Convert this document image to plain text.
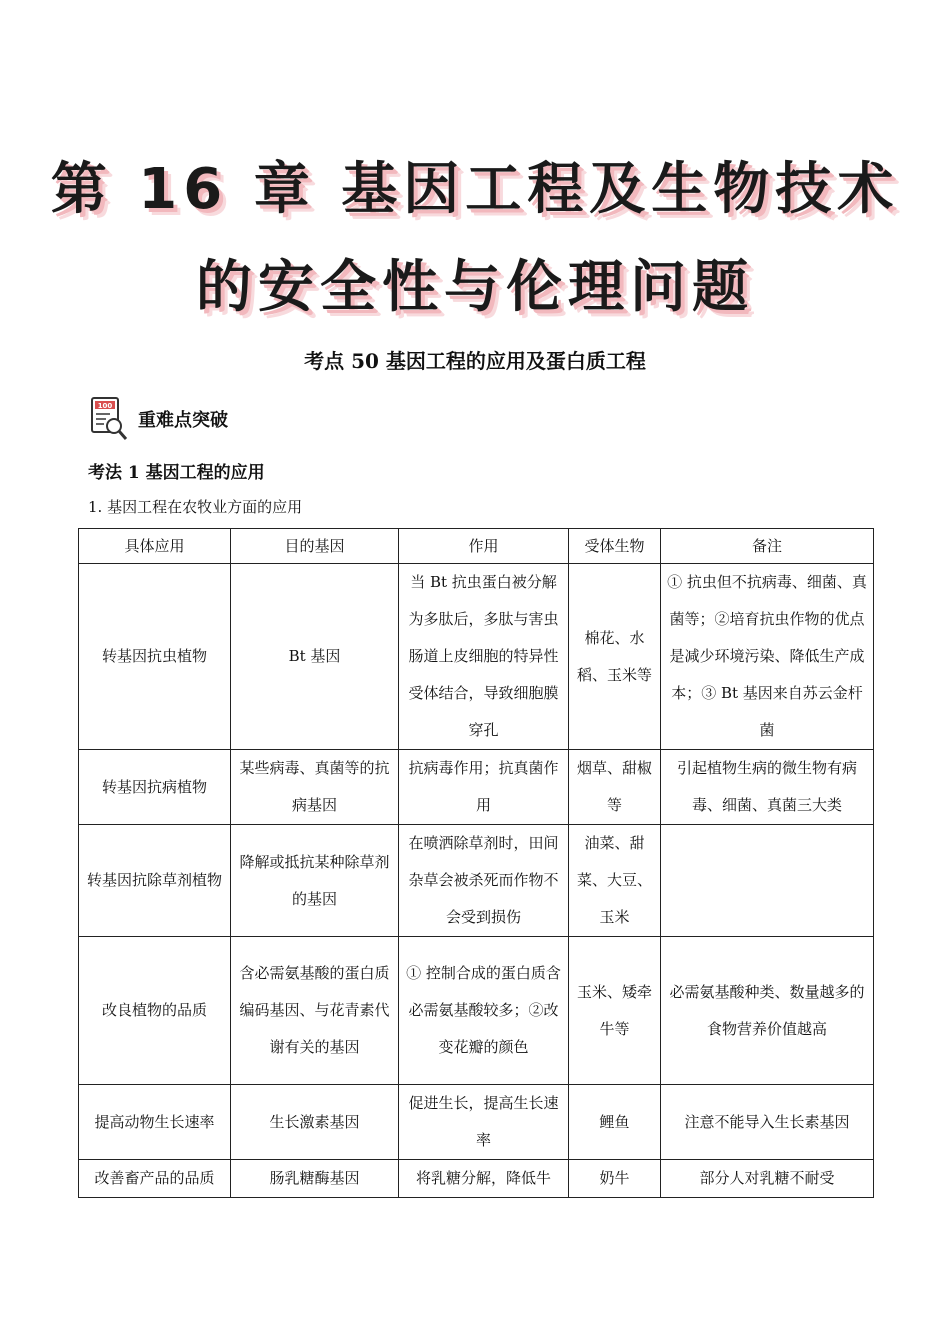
第 16 章 基因工程及生物技术
的安全性与伦理问题
考点 50 基因工程的应用及蛋白质工程
100
重难点突破
考法 1 基因工程的应用
1. 基因工程在农牧业方面的应用
具体应用	目的基因	作用	受体生物	备注
转基因抗虫植物	Bt 基因	当 Bt 抗虫蛋白被分解为多肽后，多肽与害虫肠道上皮细胞的特异性受体结合，导致细胞膜穿孔	棉花、水稻、玉米等	① 抗虫但不抗病毒、细菌、真菌等；②培育抗虫作物的优点是减少环境污染、降低生产成本；③ Bt 基因来自苏云金杆菌
转基因抗病植物	某些病毒、真菌等的抗病基因	抗病毒作用；抗真菌作用	烟草、甜椒等	引起植物生病的微生物有病毒、细菌、真菌三大类
转基因抗除草剂植物	降解或抵抗某种除草剂的基因	在喷洒除草剂时，田间杂草会被杀死而作物不会受到损伤	油菜、甜菜、大豆、玉米	
改良植物的品质	含必需氨基酸的蛋白质编码基因、与花青素代谢有关的基因	① 控制合成的蛋白质含必需氨基酸较多；②改变花瓣的颜色	玉米、矮牵牛等	必需氨基酸种类、数量越多的食物营养价值越高
提高动物生长速率	生长激素基因	促进生长，提高生长速率	鲤鱼	注意不能导入生长素基因
改善畜产品的品质	肠乳糖酶基因	将乳糖分解，降低牛	奶牛	部分人对乳糖不耐受
